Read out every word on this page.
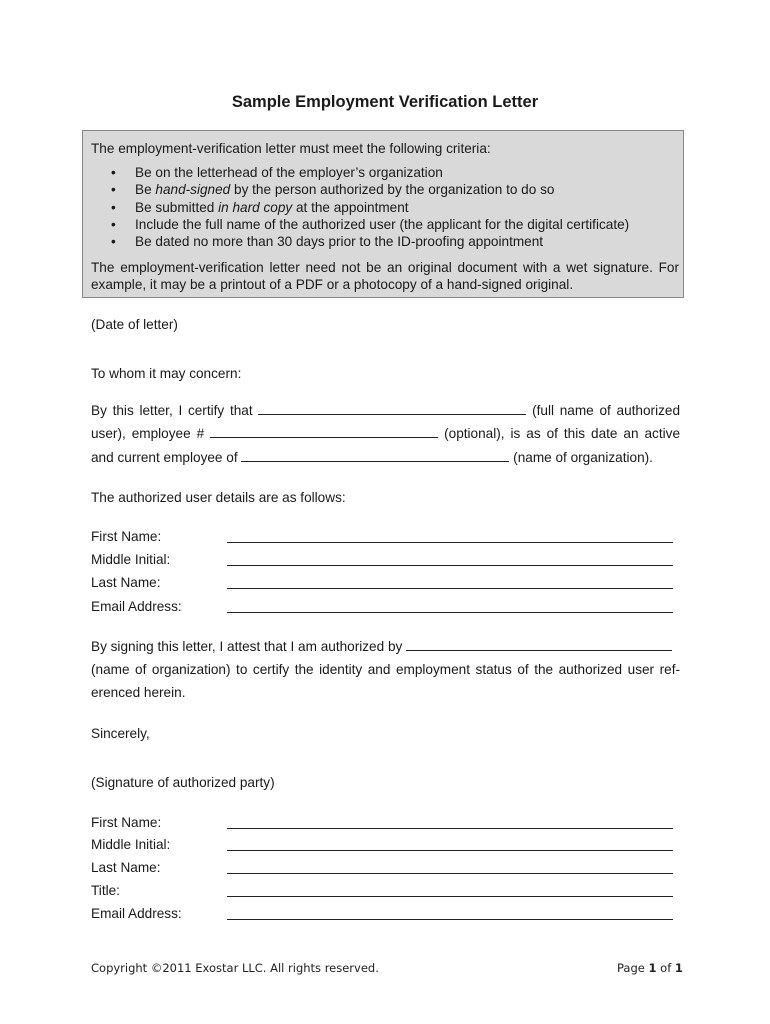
Sample Employment Verification Letter
The employment-verification letter must meet the following criteria:
• Be on the letterhead of the employer’s organization
• Be hand-signed by the person authorized by the organization to do so
• Be submitted in hard copy at the appointment
• Include the full name of the authorized user (the applicant for the digital certificate)
• Be dated no more than 30 days prior to the ID-proofing appointment
The employment-verification letter need not be an original document with a wet signature. For example, it may be a printout of a PDF or a photocopy of a hand-signed original.
(Date of letter)
To whom it may concern:
By this letter, I certify that	(full name of authorized
user), employee #	(optional), is as of this date an active
and current employee of	(name of organization).
The authorized user details are as follows:
First Name:
Middle Initial:
Last Name:
Email Address:
By signing this letter, I attest that I am authorized by
(name of organization) to certify the identity and employment status of the authorized user ref-
erenced herein.
Sincerely,
(Signature of authorized party)
First Name:
Middle Initial:
Last Name:
Title:
Email Address:
Copyright ©2011 Exostar LLC. All rights reserved.	Page 1 of 1
